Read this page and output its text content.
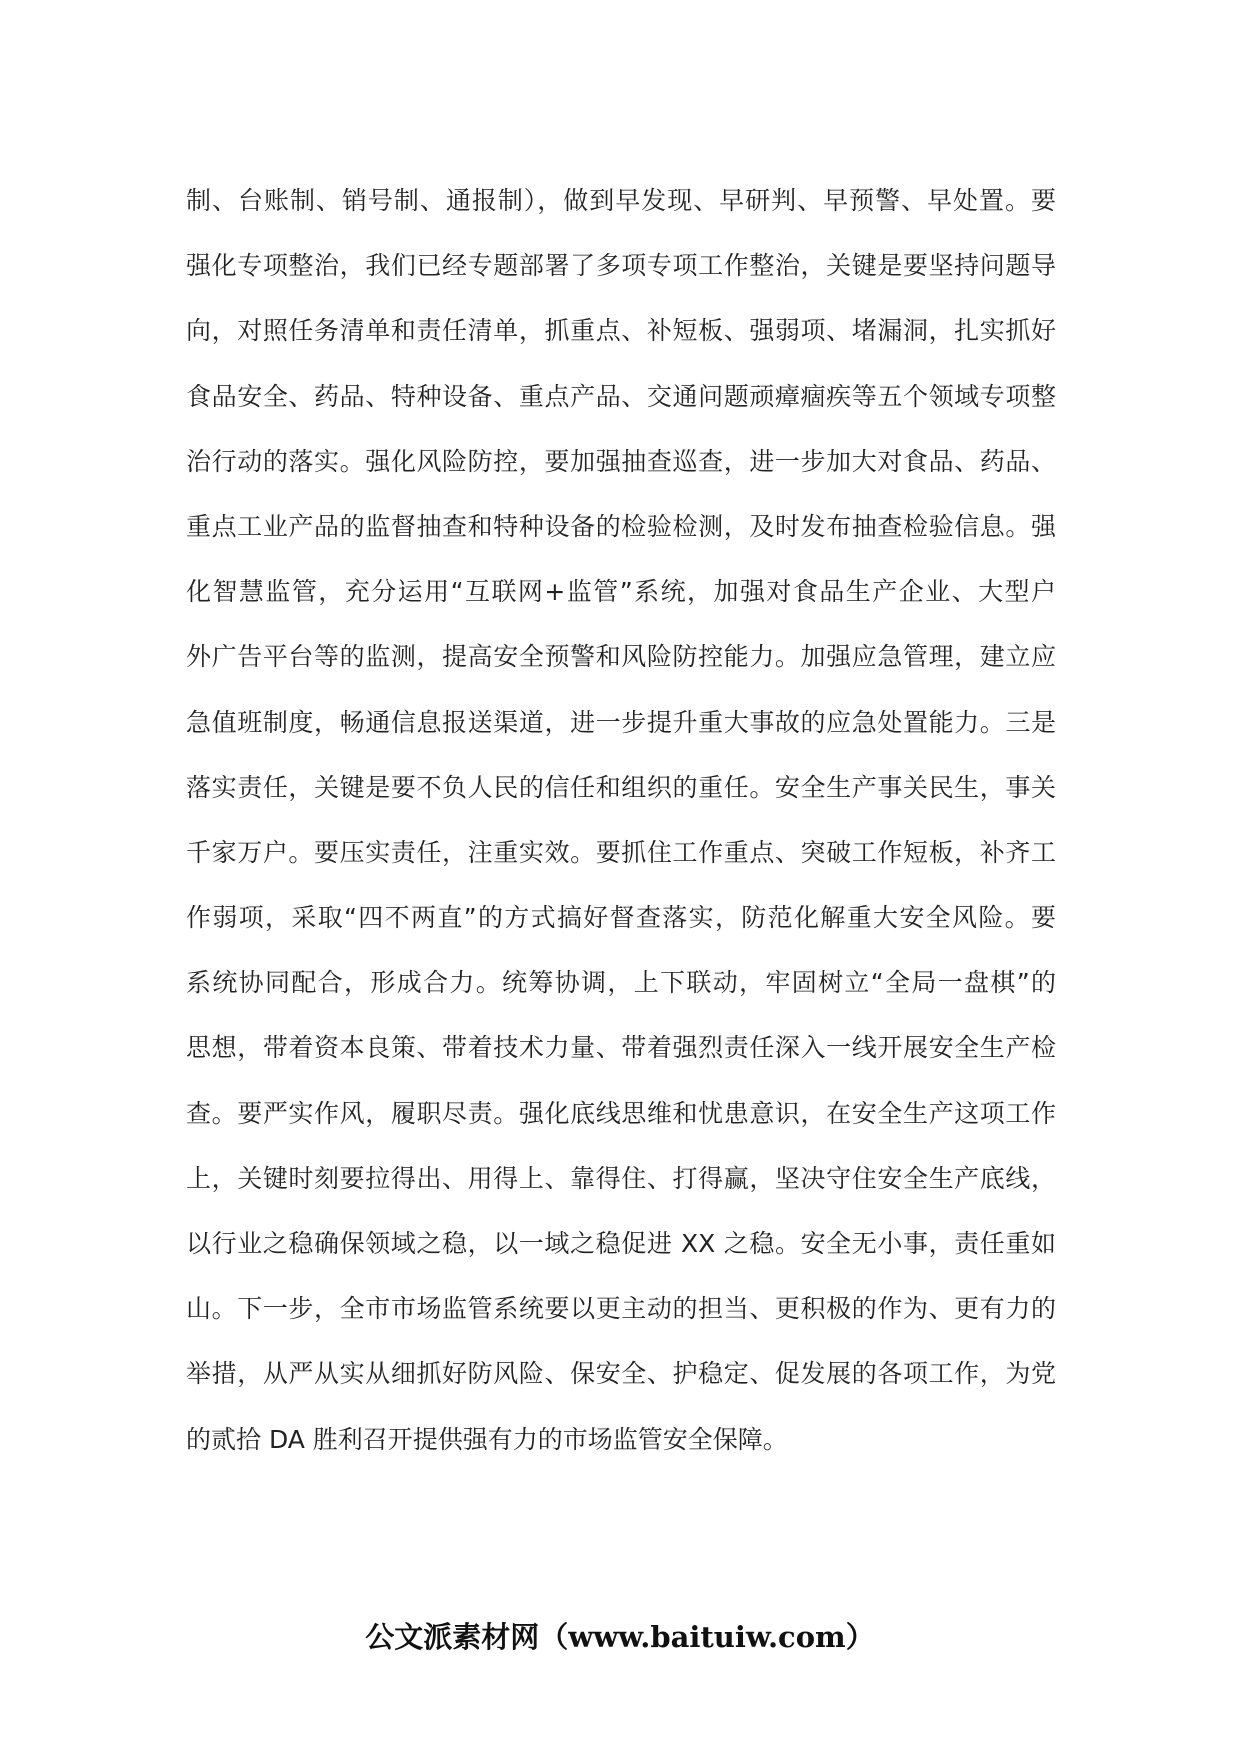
制、台账制、销号制、通报制），做到早发现、早研判、早预警、早处置。要
强化专项整治，我们已经专题部署了多项专项工作整治，关键是要坚持问题导
向，对照任务清单和责任清单，抓重点、补短板、强弱项、堵漏洞，扎实抓好
食品安全、药品、特种设备、重点产品、交通问题顽瘴痼疾等五个领域专项整
治行动的落实。强化风险防控，要加强抽查巡查，进一步加大对食品、药品、
重点工业产品的监督抽查和特种设备的检验检测，及时发布抽查检验信息。强
化智慧监管，充分运用“互联网+监管”系统，加强对食品生产企业、大型户
外广告平台等的监测，提高安全预警和风险防控能力。加强应急管理，建立应
急值班制度，畅通信息报送渠道，进一步提升重大事故的应急处置能力。三是
落实责任，关键是要不负人民的信任和组织的重任。安全生产事关民生，事关
千家万户。要压实责任，注重实效。要抓住工作重点、突破工作短板，补齐工
作弱项，采取“四不两直”的方式搞好督查落实，防范化解重大安全风险。要
系统协同配合，形成合力。统筹协调，上下联动，牢固树立“全局一盘棋”的
思想，带着资本良策、带着技术力量、带着强烈责任深入一线开展安全生产检
查。要严实作风，履职尽责。强化底线思维和忧患意识，在安全生产这项工作
上，关键时刻要拉得出、用得上、靠得住、打得赢，坚决守住安全生产底线，
以行业之稳确保领域之稳，以一域之稳促进 XX 之稳。安全无小事，责任重如
山。下一步，全市市场监管系统要以更主动的担当、更积极的作为、更有力的
举措，从严从实从细抓好防风险、保安全、护稳定、促发展的各项工作，为党
的贰拾 DA 胜利召开提供强有力的市场监管安全保障。
公文派素材网（www.baituiw.com）
